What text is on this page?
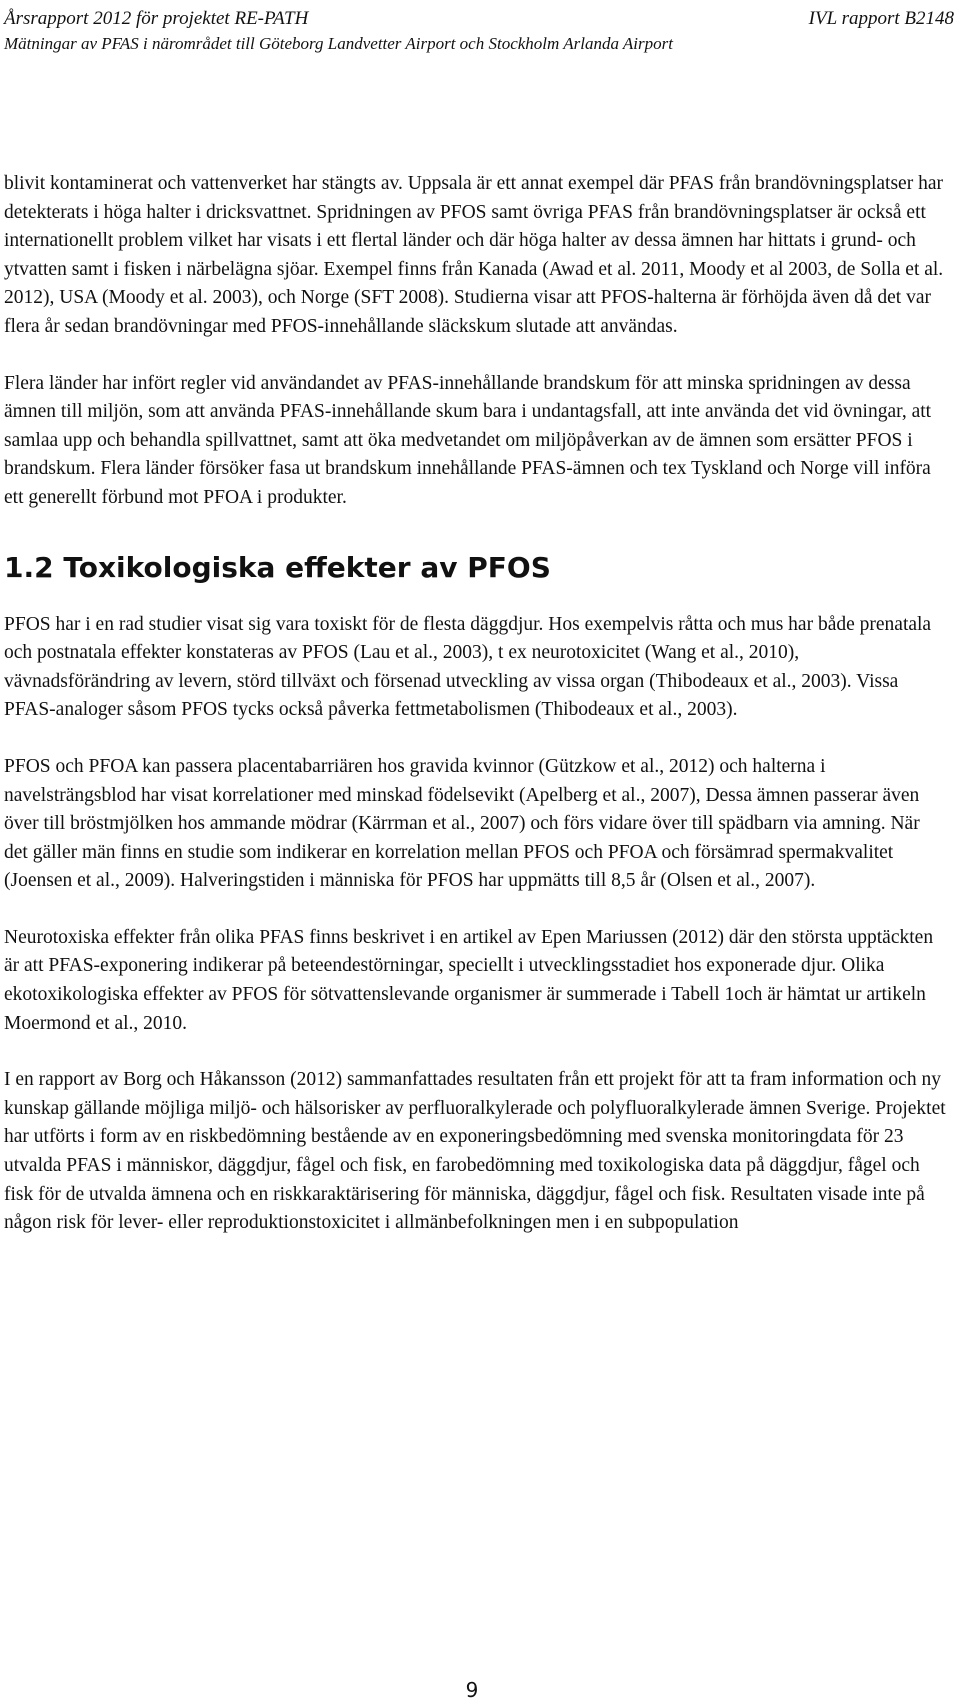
Årsrapport 2012 för projektet RE-PATH	IVL rapport B2148
Mätningar av PFAS i närområdet till Göteborg Landvetter Airport och Stockholm Arlanda Airport

blivit kontaminerat och vattenverket har stängts av. Uppsala är ett annat exempel där PFAS från brandövningsplatser har detekterats i höga halter i dricksvattnet. Spridningen av PFOS samt övriga PFAS från brandövningsplatser är också ett internationellt problem vilket har visats i ett flertal länder och där höga halter av dessa ämnen har hittats i grund- och ytvatten samt i fisken i närbelägna sjöar. Exempel finns från Kanada (Awad et al. 2011, Moody et al 2003, de Solla et al. 2012), USA (Moody et al. 2003), och Norge (SFT 2008). Studierna visar att PFOS-halterna är förhöjda även då det var flera år sedan brandövningar med PFOS-innehållande släckskum slutade att användas.

Flera länder har infört regler vid användandet av PFAS-innehållande brandskum för att minska spridningen av dessa ämnen till miljön, som att använda PFAS-innehållande skum bara i undantagsfall, att inte använda det vid övningar, att samlaa upp och behandla spillvattnet, samt att öka medvetandet om miljöpåverkan av de ämnen som ersätter PFOS i brandskum. Flera länder försöker fasa ut brandskum innehållande PFAS-ämnen och tex Tyskland och Norge vill införa ett generellt förbund mot PFOA i produkter.

1.2 Toxikologiska effekter av PFOS

PFOS har i en rad studier visat sig vara toxiskt för de flesta däggdjur. Hos exempelvis råtta och mus har både prenatala och postnatala effekter konstateras av PFOS (Lau et al., 2003), t ex neurotoxicitet (Wang et al., 2010), vävnadsförändring av levern, störd tillväxt och försenad utveckling av vissa organ (Thibodeaux et al., 2003). Vissa PFAS-analoger såsom PFOS tycks också påverka fettmetabolismen (Thibodeaux et al., 2003).

PFOS och PFOA kan passera placentabarriären hos gravida kvinnor (Gützkow et al., 2012) och halterna i navelsträngsblod har visat korrelationer med minskad födelsevikt (Apelberg et al., 2007), Dessa ämnen passerar även över till bröstmjölken hos ammande mödrar (Kärrman et al., 2007) och förs vidare över till spädbarn via amning. När det gäller män finns en studie som indikerar en korrelation mellan PFOS och PFOA och försämrad spermakvalitet (Joensen et al., 2009). Halveringstiden i människa för PFOS har uppmätts till 8,5 år (Olsen et al., 2007).

Neurotoxiska effekter från olika PFAS finns beskrivet i en artikel av Epen Mariussen (2012) där den största upptäckten är att PFAS-exponering indikerar på beteendestörningar, speciellt i utvecklingsstadiet hos exponerade djur. Olika ekotoxikologiska effekter av PFOS för sötvattenslevande organismer är summerade i Tabell 1och är hämtat ur artikeln Moermond et al., 2010.

I en rapport av Borg och Håkansson (2012) sammanfattades resultaten från ett projekt för att ta fram information och ny kunskap gällande möjliga miljö- och hälsorisker av perfluoralkylerade och polyfluoralkylerade ämnen Sverige. Projektet har utförts i form av en riskbedömning bestående av en exponeringsbedömning med svenska monitoringdata för 23 utvalda PFAS i människor, däggdjur, fågel och fisk, en farobedömning med toxikologiska data på däggdjur, fågel och fisk för de utvalda ämnena och en riskkaraktärisering för människa, däggdjur, fågel och fisk. Resultaten visade inte på någon risk för lever- eller reproduktionstoxicitet i allmänbefolkningen men i en subpopulation

9
